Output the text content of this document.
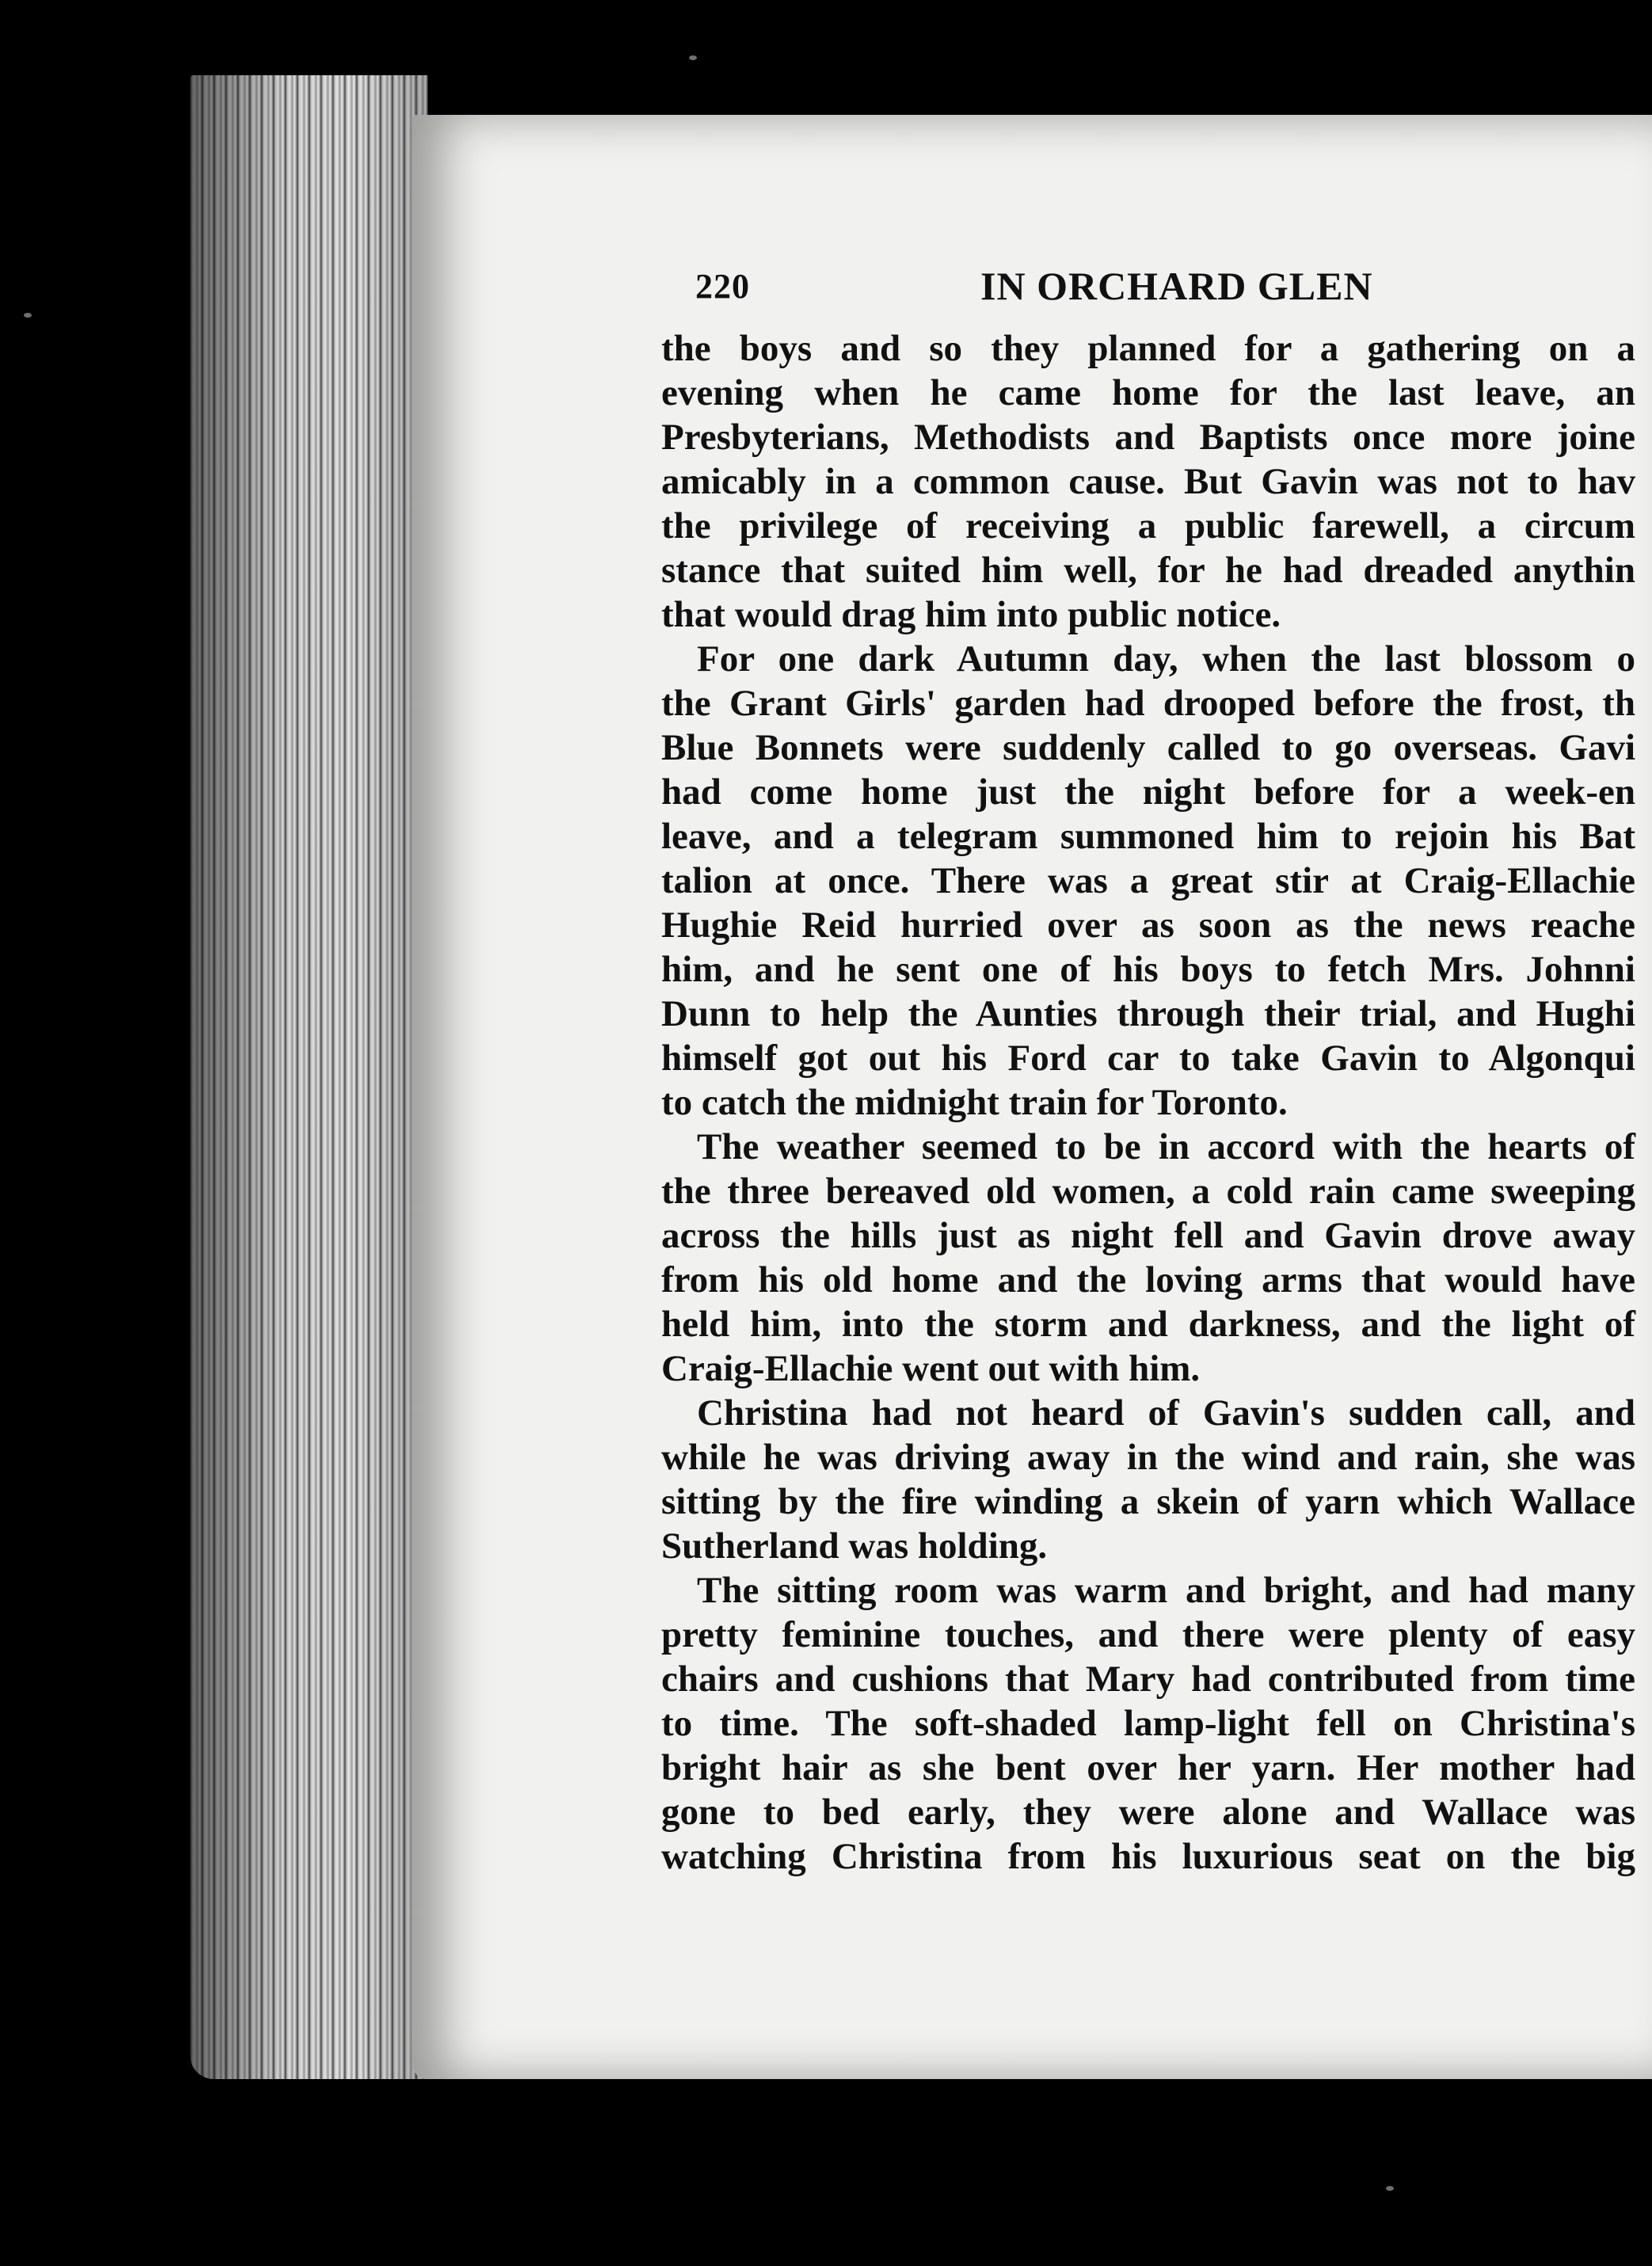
220	IN ORCHARD GLEN
the boys and so they planned for a gathering on a
evening when he came home for the last leave, an
Presbyterians, Methodists and Baptists once more joine
amicably in a common cause. But Gavin was not to hav
the privilege of receiving a public farewell, a circum
stance that suited him well, for he had dreaded anythin
that would drag him into public notice.
For one dark Autumn day, when the last blossom o
the Grant Girls' garden had drooped before the frost, th
Blue Bonnets were suddenly called to go overseas. Gavi
had come home just the night before for a week-en
leave, and a telegram summoned him to rejoin his Bat
talion at once. There was a great stir at Craig-Ellachie
Hughie Reid hurried over as soon as the news reache
him, and he sent one of his boys to fetch Mrs. Johnni
Dunn to help the Aunties through their trial, and Hughi
himself got out his Ford car to take Gavin to Algonqui
to catch the midnight train for Toronto.
The weather seemed to be in accord with the hearts of
the three bereaved old women, a cold rain came sweeping
across the hills just as night fell and Gavin drove away
from his old home and the loving arms that would have
held him, into the storm and darkness, and the light of
Craig-Ellachie went out with him.
Christina had not heard of Gavin's sudden call, and
while he was driving away in the wind and rain, she was
sitting by the fire winding a skein of yarn which Wallace
Sutherland was holding.
The sitting room was warm and bright, and had many
pretty feminine touches, and there were plenty of easy
chairs and cushions that Mary had contributed from time
to time. The soft-shaded lamp-light fell on Christina's
bright hair as she bent over her yarn. Her mother had
gone to bed early, they were alone and Wallace was
watching Christina from his luxurious seat on the big
